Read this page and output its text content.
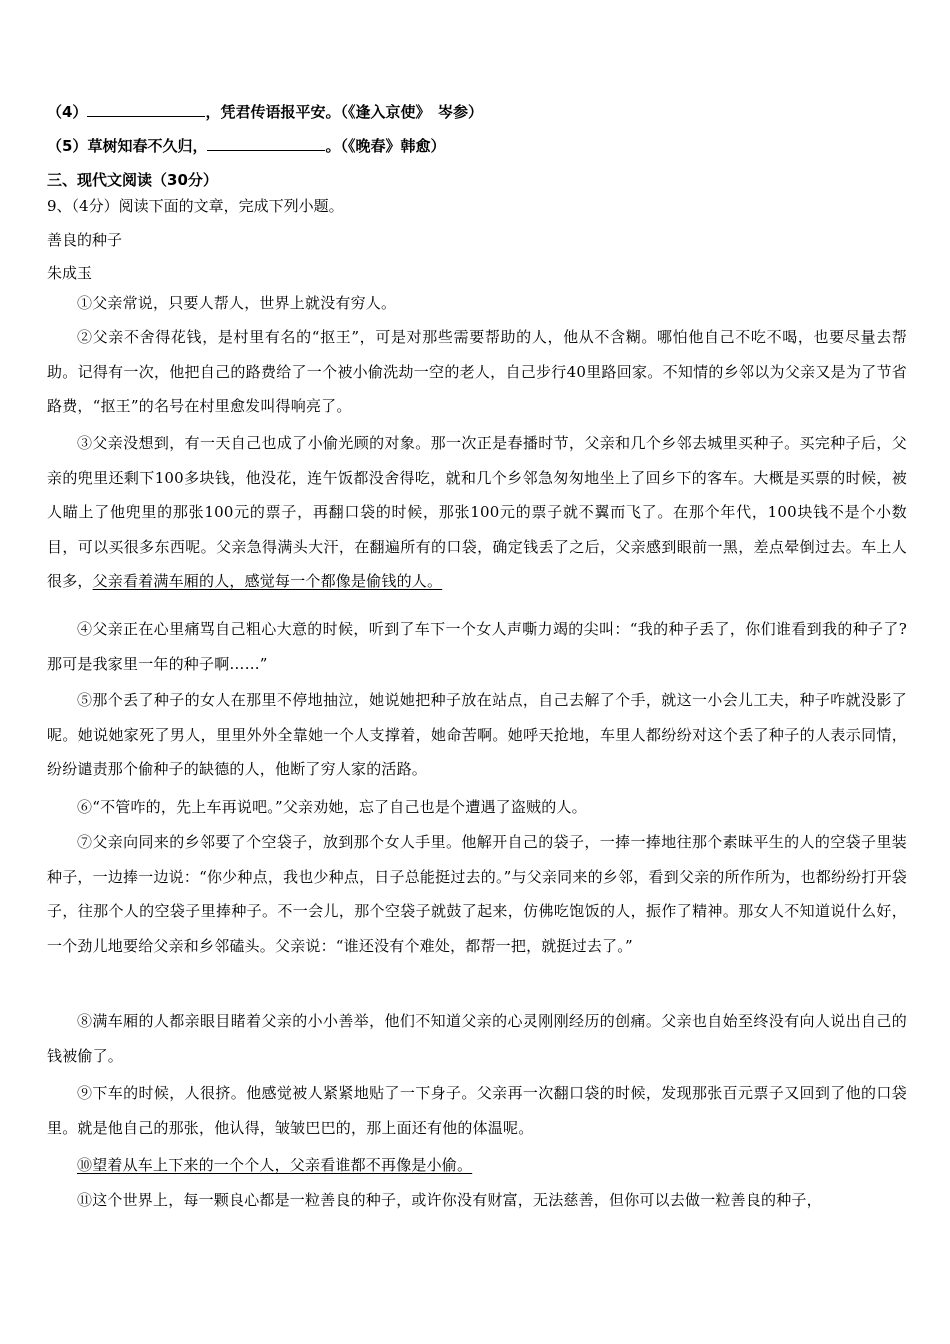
（4）	，凭君传语报平安。（《逢入京使》　岑参）
（5）草树知春不久归，	。（《晚春》韩愈）
三、现代文阅读（30分）
9、（4分）阅读下面的文章，完成下列小题。
善良的种子
朱成玉

①父亲常说，只要人帮人，世界上就没有穷人。

②父亲不舍得花钱，是村里有名的“抠王”，可是对那些需要帮助的人，他从不含糊。哪怕他自己不吃不喝，也要尽量去帮助。记得有一次，他把自己的路费给了一个被小偷洗劫一空的老人，自己步行40里路回家。不知情的乡邻以为父亲又是为了节省路费，“抠王”的名号在村里愈发叫得响亮了。

③父亲没想到，有一天自己也成了小偷光顾的对象。那一次正是春播时节，父亲和几个乡邻去城里买种子。买完种子后，父亲的兜里还剩下100多块钱，他没花，连午饭都没舍得吃，就和几个乡邻急匆匆地坐上了回乡下的客车。大概是买票的时候，被人瞄上了他兜里的那张100元的票子，再翻口袋的时候，那张100元的票子就不翼而飞了。在那个年代，100块钱不是个小数目，可以买很多东西呢。父亲急得满头大汗，在翻遍所有的口袋，确定钱丢了之后，父亲感到眼前一黑，差点晕倒过去。车上人很多，父亲看着满车厢的人，感觉每一个都像是偷钱的人。

④父亲正在心里痛骂自己粗心大意的时候，听到了车下一个女人声嘶力竭的尖叫：“我的种子丢了，你们谁看到我的种子了?那可是我家里一年的种子啊……”

⑤那个丢了种子的女人在那里不停地抽泣，她说她把种子放在站点，自己去解了个手，就这一小会儿工夫，种子咋就没影了呢。她说她家死了男人，里里外外全靠她一个人支撑着，她命苦啊。她呼天抢地，车里人都纷纷对这个丢了种子的人表示同情，纷纷谴责那个偷种子的缺德的人，他断了穷人家的活路。

⑥“不管咋的，先上车再说吧。”父亲劝她，忘了自己也是个遭遇了盗贼的人。

⑦父亲向同来的乡邻要了个空袋子，放到那个女人手里。他解开自己的袋子，一捧一捧地往那个素昧平生的人的空袋子里装种子，一边捧一边说：“你少种点，我也少种点，日子总能挺过去的。”与父亲同来的乡邻，看到父亲的所作所为，也都纷纷打开袋子，往那个人的空袋子里捧种子。不一会儿，那个空袋子就鼓了起来，仿佛吃饱饭的人，振作了精神。那女人不知道说什么好，一个劲儿地要给父亲和乡邻磕头。父亲说：“谁还没有个难处，都帮一把，就挺过去了。”

⑧满车厢的人都亲眼目睹着父亲的小小善举，他们不知道父亲的心灵刚刚经历的创痛。父亲也自始至终没有向人说出自己的钱被偷了。

⑨下车的时候，人很挤。他感觉被人紧紧地贴了一下身子。父亲再一次翻口袋的时候，发现那张百元票子又回到了他的口袋里。就是他自己的那张，他认得，皱皱巴巴的，那上面还有他的体温呢。

⑩望着从车上下来的一个个人，父亲看谁都不再像是小偷。

⑪这个世界上，每一颗良心都是一粒善良的种子，或许你没有财富，无法慈善，但你可以去做一粒善良的种子，
